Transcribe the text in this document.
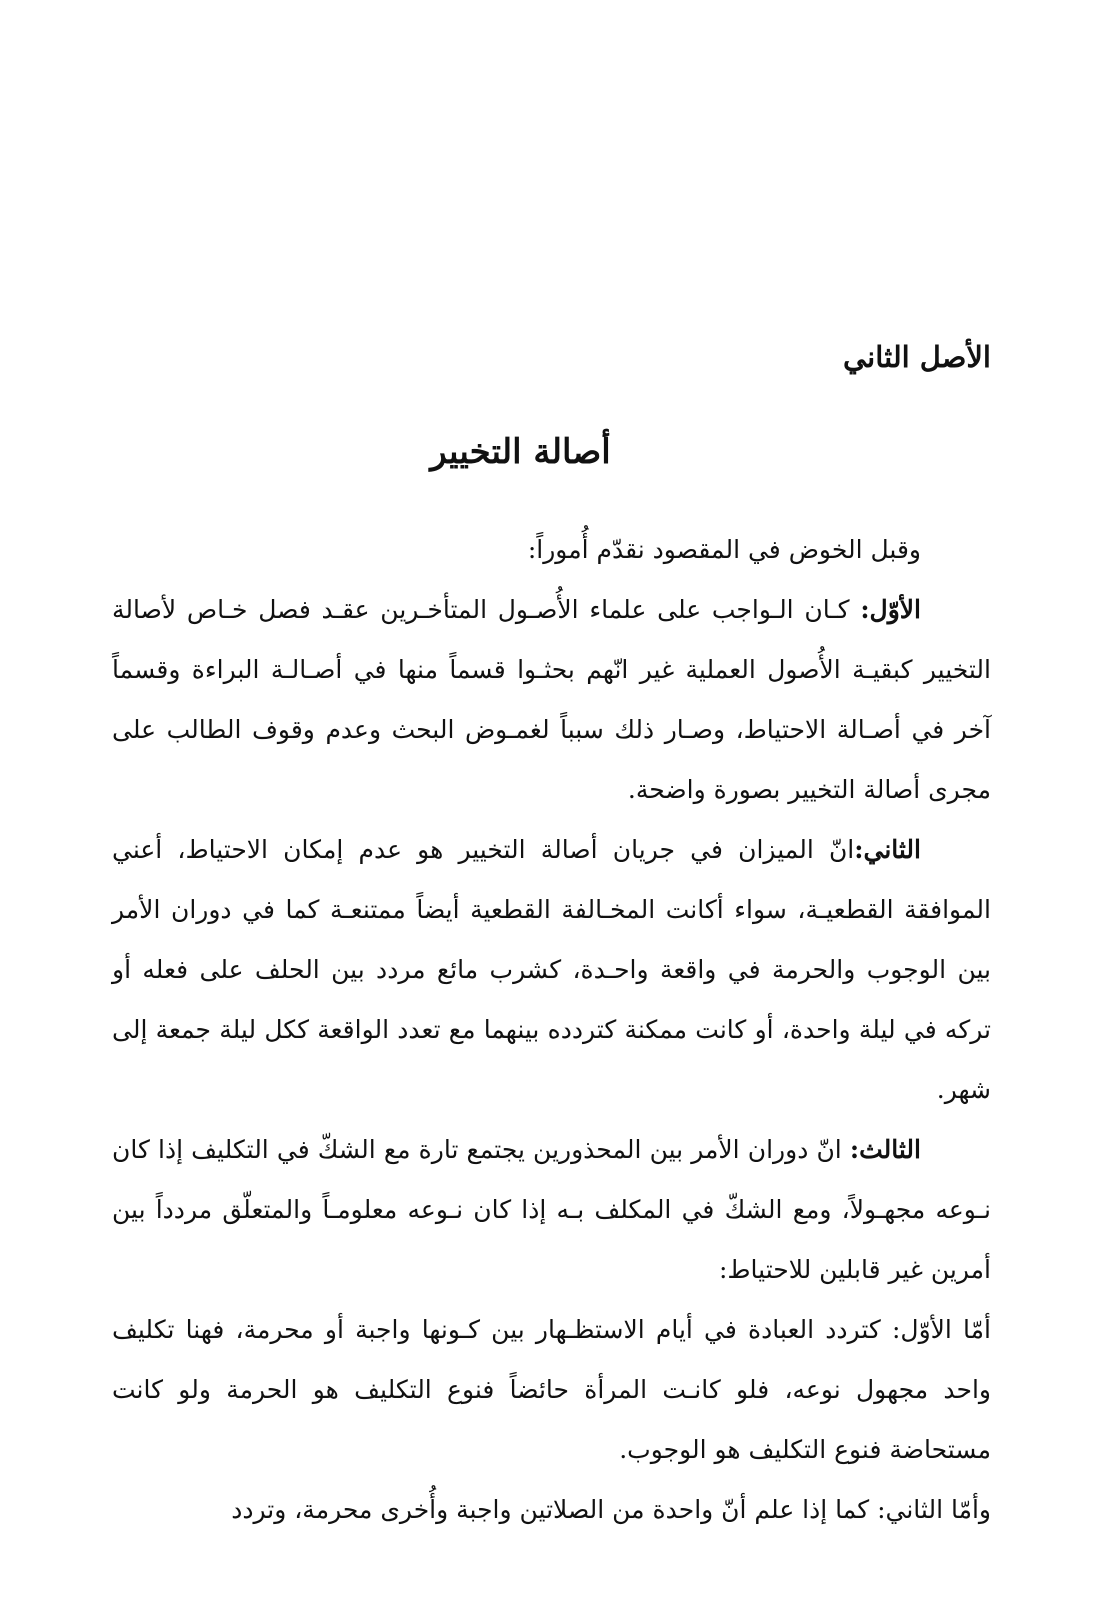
الأصل الثاني
أصالة التخيير

وقبل الخوض في المقصود نقدّم أُموراً:

الأوّل: كـان الـواجب على علماء الأُصـول المتأخـرين عقـد فصل خـاص لأصالة التخيير كبقيـة الأُصول العملية غير انّهم بحثـوا قسماً منها في أصـالـة البراءة وقسماً آخر في أصـالة الاحتياط، وصـار ذلك سبباً لغمـوض البحث وعدم وقوف الطالب على مجرى أصالة التخيير بصورة واضحة.

الثاني:انّ الميزان في جريان أصالة التخيير هو عدم إمكان الاحتياط، أعني الموافقة القطعيـة، سواء أكانت المخـالفة القطعية أيضاً ممتنعـة كما في دوران الأمر بين الوجوب والحرمة في واقعة واحـدة، كشرب مائع مردد بين الحلف على فعله أو تركه في ليلة واحدة، أو كانت ممكنة كتردده بينهما مع تعدد الواقعة ككل ليلة جمعة إلى شهر.

الثالث: انّ دوران الأمر بين المحذورين يجتمع تارة مع الشكّ في التكليف إذا كان نـوعه مجهـولاً، ومع الشكّ في المكلف بـه إذا كان نـوعه معلومـاً والمتعلّق مردداً بين أمرين غير قابلين للاحتياط:

أمّا الأوّل: كتردد العبادة في أيام الاستظـهار بين كـونها واجبة أو محرمة، فهنا تكليف واحد مجهول نوعه، فلو كانـت المرأة حائضاً فنوع التكليف هو الحرمة ولو كانت مستحاضة فنوع التكليف هو الوجوب.

وأمّا الثاني: كما إذا علم أنّ واحدة من الصلاتين واجبة وأُخرى محرمة، وتردد
